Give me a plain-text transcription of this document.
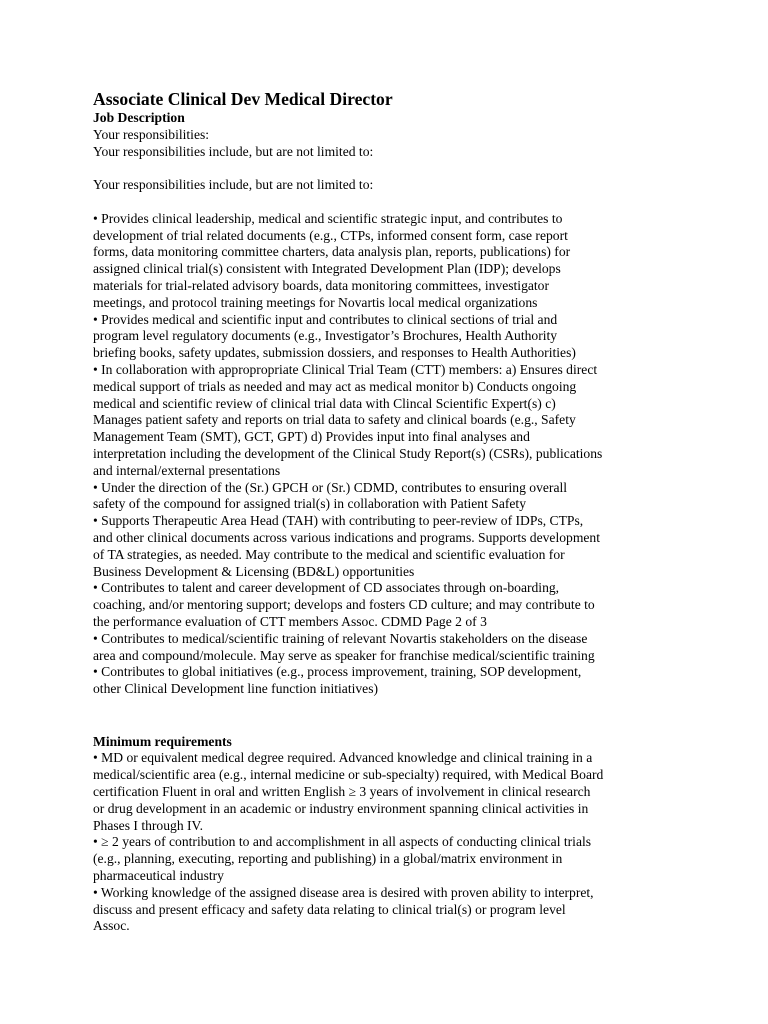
Associate Clinical Dev Medical Director
Job Description
Your responsibilities:
Your responsibilities include, but are not limited to:
Your responsibilities include, but are not limited to:
• Provides clinical leadership, medical and scientific strategic input, and contributes to
development of trial related documents (e.g., CTPs, informed consent form, case report
forms, data monitoring committee charters, data analysis plan, reports, publications) for
assigned clinical trial(s) consistent with Integrated Development Plan (IDP); develops
materials for trial-related advisory boards, data monitoring committees, investigator
meetings, and protocol training meetings for Novartis local medical organizations
• Provides medical and scientific input and contributes to clinical sections of trial and
program level regulatory documents (e.g., Investigator’s Brochures, Health Authority
briefing books, safety updates, submission dossiers, and responses to Health Authorities)
• In collaboration with appropropriate Clinical Trial Team (CTT) members: a) Ensures direct
medical support of trials as needed and may act as medical monitor b) Conducts ongoing
medical and scientific review of clinical trial data with Clincal Scientific Expert(s) c)
Manages patient safety and reports on trial data to safety and clinical boards (e.g., Safety
Management Team (SMT), GCT, GPT) d) Provides input into final analyses and
interpretation including the development of the Clinical Study Report(s) (CSRs), publications
and internal/external presentations
• Under the direction of the (Sr.) GPCH or (Sr.) CDMD, contributes to ensuring overall
safety of the compound for assigned trial(s) in collaboration with Patient Safety
• Supports Therapeutic Area Head (TAH) with contributing to peer-review of IDPs, CTPs,
and other clinical documents across various indications and programs. Supports development
of TA strategies, as needed. May contribute to the medical and scientific evaluation for
Business Development & Licensing (BD&L) opportunities
• Contributes to talent and career development of CD associates through on-boarding,
coaching, and/or mentoring support; develops and fosters CD culture; and may contribute to
the performance evaluation of CTT members Assoc. CDMD Page 2 of 3
• Contributes to medical/scientific training of relevant Novartis stakeholders on the disease
area and compound/molecule. May serve as speaker for franchise medical/scientific training
• Contributes to global initiatives (e.g., process improvement, training, SOP development,
other Clinical Development line function initiatives)
Minimum requirements
• MD or equivalent medical degree required. Advanced knowledge and clinical training in a
medical/scientific area (e.g., internal medicine or sub-specialty) required, with Medical Board
certification Fluent in oral and written English ≥ 3 years of involvement in clinical research
or drug development in an academic or industry environment spanning clinical activities in
Phases I through IV.
• ≥ 2 years of contribution to and accomplishment in all aspects of conducting clinical trials
(e.g., planning, executing, reporting and publishing) in a global/matrix environment in
pharmaceutical industry
• Working knowledge of the assigned disease area is desired with proven ability to interpret,
discuss and present efficacy and safety data relating to clinical trial(s) or program level
Assoc.
